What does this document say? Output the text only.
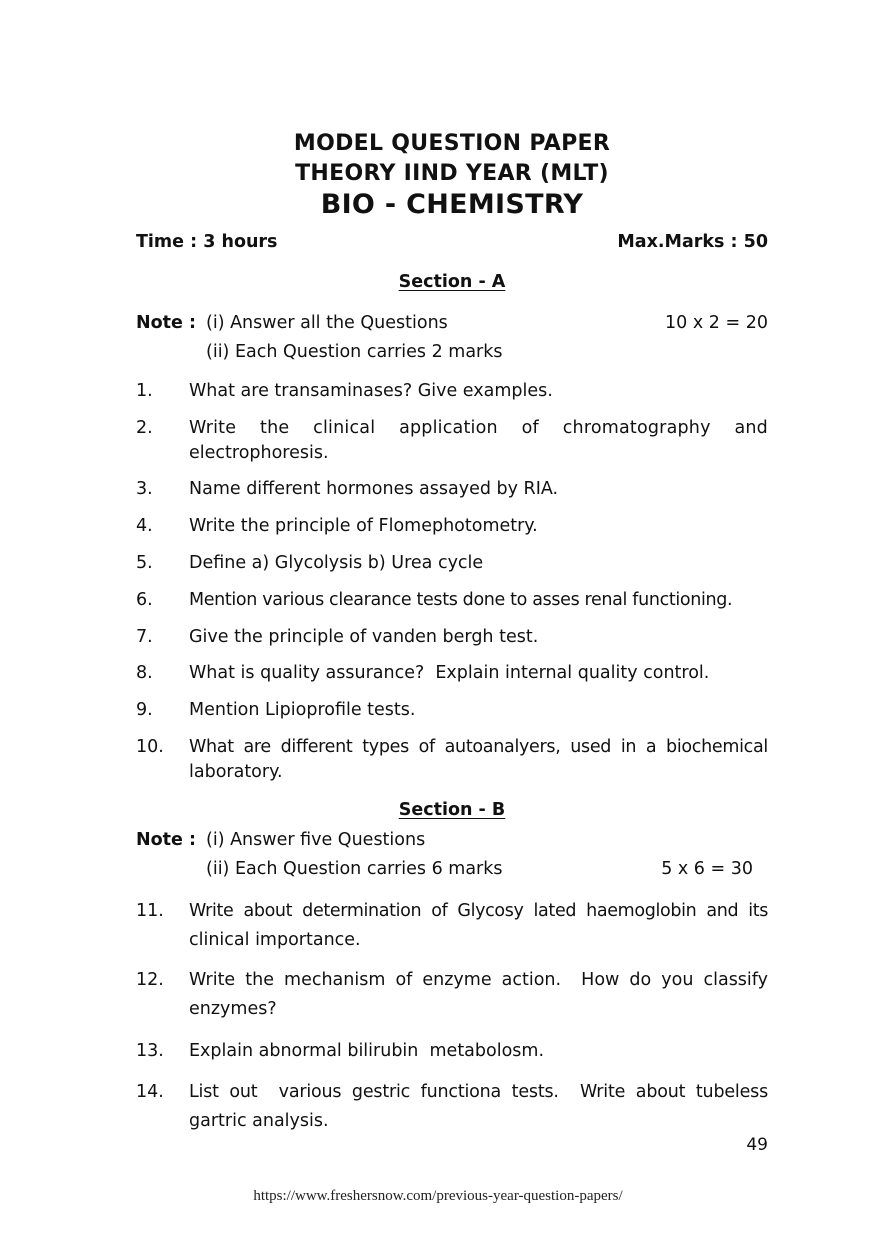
MODEL QUESTION PAPER
THEORY IIND YEAR (MLT)
BIO - CHEMISTRY
Time : 3 hours	Max.Marks : 50
Section - A
Note : (i) Answer all the Questions
(ii) Each Question carries 2 marks
10 x 2 = 20
1. What are transaminases? Give examples.
2. Write the clinical application of chromatography and
electrophoresis.
3. Name different hormones assayed by RIA.
4. Write the principle of Flomephotometry.
5. Define a) Glycolysis b) Urea cycle
6. Mention various clearance tests done to asses renal functioning.
7. Give the principle of vanden bergh test.
8. What is quality assurance?  Explain internal quality control.
9. Mention Lipioprofile tests.
10. What are different types of autoanalyers, used in a biochemical
laboratory.
Section - B
Note : (i) Answer five Questions
(ii) Each Question carries 6 marks	5 x 6 = 30
11. Write about determination of Glycosy lated haemoglobin and its
clinical importance.
12. Write the mechanism of enzyme action.  How do you classify
enzymes?
13. Explain abnormal bilirubin  metabolosm.
14. List out  various gestric functiona tests.  Write about tubeless
gartric analysis.
49
https://www.freshersnow.com/previous-year-question-papers/
